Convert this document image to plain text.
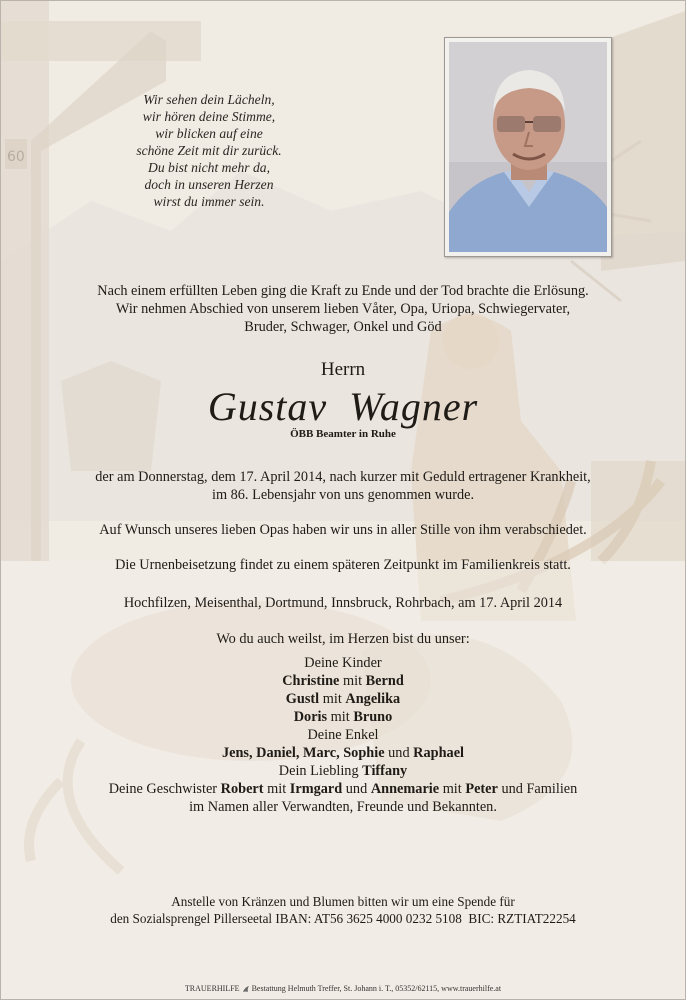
60
Wir sehen dein Lächeln,
wir hören deine Stimme,
wir blicken auf eine
schöne Zeit mit dir zurück.
Du bist nicht mehr da,
doch in unseren Herzen
wirst du immer sein.
Nach einem erfüllten Leben ging die Kraft zu Ende und der Tod brachte die Erlösung.
Wir nehmen Abschied von unserem lieben Våter, Opa, Uriopa, Schwiegervater,
Bruder, Schwager, Onkel und Göd
Herrn
Gustav  Wagner
ÖBB Beamter in Ruhe
der am Donnerstag, dem 17. April 2014, nach kurzer mit Geduld ertragener Krankheit,
im 86. Lebensjahr von uns genommen wurde.
Auf Wunsch unseres lieben Opas haben wir uns in aller Stille von ihm verabschiedet.
Die Urnenbeisetzung findet zu einem späteren Zeitpunkt im Familienkreis statt.
Hochfilzen, Meisenthal, Dortmund, Innsbruck, Rohrbach, am 17. April 2014
Wo du auch weilst, im Herzen bist du unser:
Deine Kinder
Christine mit Bernd
Gustl mit Angelika
Doris mit Bruno
Deine Enkel
Jens, Daniel, Marc, Sophie und Raphael
Dein Liebling Tiffany
Deine Geschwister Robert mit Irmgard und Annemarie mit Peter und Familien
im Namen aller Verwandten, Freunde und Bekannten.
Anstelle von Kränzen und Blumen bitten wir um eine Spende für
den Sozialsprengel Pillerseetal IBAN: AT56 3625 4000 0232 5108  BIC: RZTIAT22254
TRAUERHILFE Bestattung Helmuth Treffer, St. Johann i. T., 05352/62115, www.trauerhilfe.at
